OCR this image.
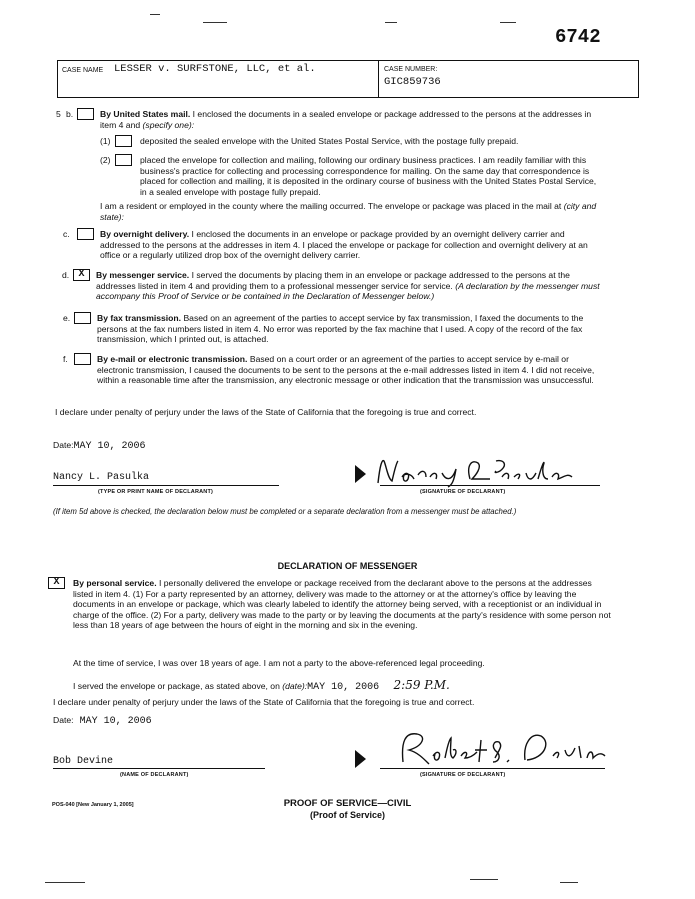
6742
CASE NAME LESSER v. SURFSTONE, LLC, et al.	CASE NUMBER:
GIC859736
5 b.	By United States mail. I enclosed the documents in a sealed envelope or package addressed to the persons at the addresses in item 4 and (specify one):
(1)	deposited the sealed envelope with the United States Postal Service, with the postage fully prepaid.
(2)	placed the envelope for collection and mailing, following our ordinary business practices. I am readily familiar with this business's practice for collecting and processing correspondence for mailing. On the same day that correspondence is placed for collection and mailing, it is deposited in the ordinary course of business with the United States Postal Service, in a sealed envelope with postage fully prepaid.
I am a resident or employed in the county where the mailing occurred. The envelope or package was placed in the mail at (city and state):
c.	By overnight delivery. I enclosed the documents in an envelope or package provided by an overnight delivery carrier and addressed to the persons at the addresses in item 4. I placed the envelope or package for collection and overnight delivery at an office or a regularly utilized drop box of the overnight delivery carrier.
d. X	By messenger service. I served the documents by placing them in an envelope or package addressed to the persons at the addresses listed in item 4 and providing them to a professional messenger service for service. (A declaration by the messenger must accompany this Proof of Service or be contained in the Declaration of Messenger below.)
e.	By fax transmission. Based on an agreement of the parties to accept service by fax transmission, I faxed the documents to the persons at the fax numbers listed in item 4. No error was reported by the fax machine that I used. A copy of the record of the fax transmission, which I printed out, is attached.
f.	By e-mail or electronic transmission. Based on a court order or an agreement of the parties to accept service by e-mail or electronic transmission, I caused the documents to be sent to the persons at the e-mail addresses listed in item 4. I did not receive, within a reasonable time after the transmission, any electronic message or other indication that the transmission was unsuccessful.
I declare under penalty of perjury under the laws of the State of California that the foregoing is true and correct.
Date:MAY 10, 2006
Nancy L. Pasulka
(TYPE OR PRINT NAME OF DECLARANT)	(SIGNATURE OF DECLARANT)
(If item 5d above is checked, the declaration below must be completed or a separate declaration from a messenger must be attached.)
DECLARATION OF MESSENGER
X	By personal service. I personally delivered the envelope or package received from the declarant above to the persons at the addresses listed in item 4. (1) For a party represented by an attorney, delivery was made to the attorney or at the attorney's office by leaving the documents in an envelope or package, which was clearly labeled to identify the attorney being served, with a receptionist or an individual in charge of the office. (2) For a party, delivery was made to the party or by leaving the documents at the party's residence with some person not less than 18 years of age between the hours of eight in the morning and six in the evening.
At the time of service, I was over 18 years of age. I am not a party to the above-referenced legal proceeding.
I served the envelope or package, as stated above, on (date):MAY 10, 2006 2:59 P.M.
I declare under penalty of perjury under the laws of the State of California that the foregoing is true and correct.
Date: MAY 10, 2006
Bob Devine
(NAME OF DECLARANT)	(SIGNATURE OF DECLARANT)
POS-040 [New January 1, 2005]	PROOF OF SERVICE—CIVIL
(Proof of Service)
